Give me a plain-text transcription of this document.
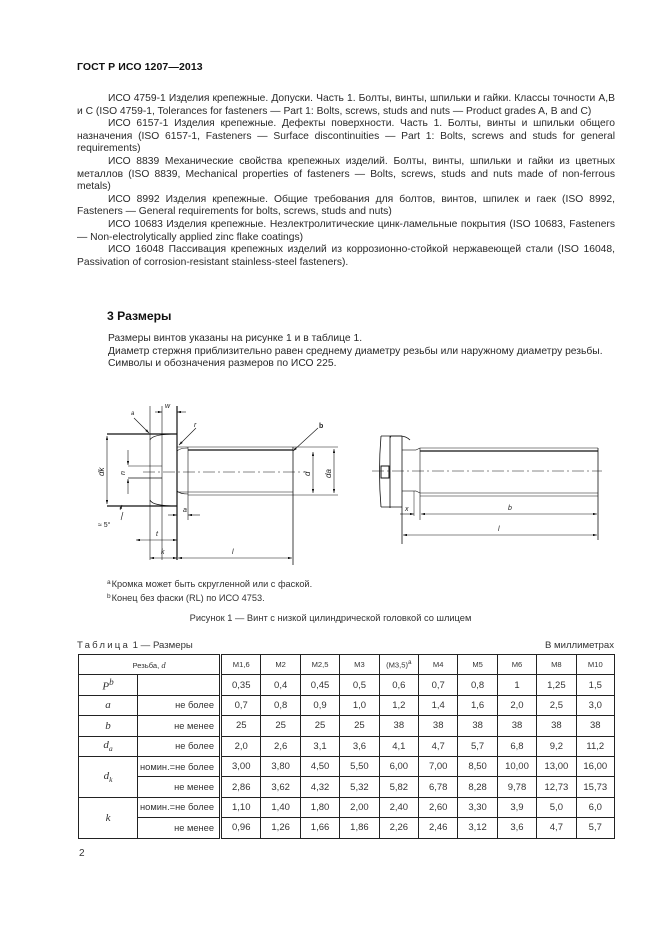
ГОСТ Р ИСО 1207—2013

ИСО 4759-1 Изделия крепежные. Допуски. Часть 1. Болты, винты, шпильки и гайки. Классы точности А,В и С (ISO 4759-1, Tolerances for fasteners — Part 1: Bolts, screws, studs and nuts — Product grades A, B and C)

ИСО 6157-1 Изделия крепежные. Дефекты поверхности. Часть 1. Болты, винты и шпильки общего назначения (ISO 6157-1, Fasteners — Surface discontinuities — Part 1: Bolts, screws and studs for general requirements)

ИСО 8839 Механические свойства крепежных изделий. Болты, винты, шпильки и гайки из цветных металлов (ISO 8839, Mechanical properties of fasteners — Bolts, screws, studs and nuts made of non-ferrous metals)

ИСО 8992 Изделия крепежные. Общие требования для болтов, винтов, шпилек и гаек (ISO 8992, Fasteners — General requirements for bolts, screws, studs and nuts)

ИСО 10683 Изделия крепежные. Незлектролитические цинк-ламельные покрытия (ISO 10683, Fasteners — Non-electrolytically applied zinc flake coatings)

ИСО 16048 Пассивация крепежных изделий из коррозионно-стойкой нержавеющей стали (ISO 16048, Passivation of corrosion-resistant stainless-steel fasteners).

3 Размеры

Размеры винтов указаны на рисунке 1 и в таблице 1.

Диаметр стержня приблизительно равен среднему диаметру резьбы или наружному диаметру резьбы.

Символы и обозначения размеров по ИСО 225.

a
w
r	b
dk n	d da
≈ 5°
a
t
k	l
x	b
l
$^a$Кромка может быть скругленной или с фаской.
$^b$Конец без фаски (RL) по ИСО 4753.
Рисунок 1 — Винт с низкой цилиндрической головкой со шлицем
Таблица 1 — Размеры	В миллиметрах
Резьба, d		M1,6	M2	M2,5	M3	$(M3,5)^a$	M4	M5	M6	M8	M10
$P^b$		0,35	0,4	0,45	0,5	0,6	0,7	0,8	1	1,25	1,5
a	не более	0,7	0,8	0,9	1,0	1,2	1,4	1,6	2,0	2,5	3,0
b	не менее	25	25	25	25	38	38	38	38	38	38
$d_a$	не более	2,0	2,6	3,1	3,6	4,1	4,7	5,7	6,8	9,2	11,2
$d_k$	номин.=не более	3,00	3,80	4,50	5,50	6,00	7,00	8,50	10,00	13,00	16,00
	не менее	2,86	3,62	4,32	5,32	5,82	6,78	8,28	9,78	12,73	15,73
k	номин.=не более	1,10	1,40	1,80	2,00	2,40	2,60	3,30	3,9	5,0	6,0
	не менее	0,96	1,26	1,66	1,86	2,26	2,46	3,12	3,6	4,7	5,7
2
